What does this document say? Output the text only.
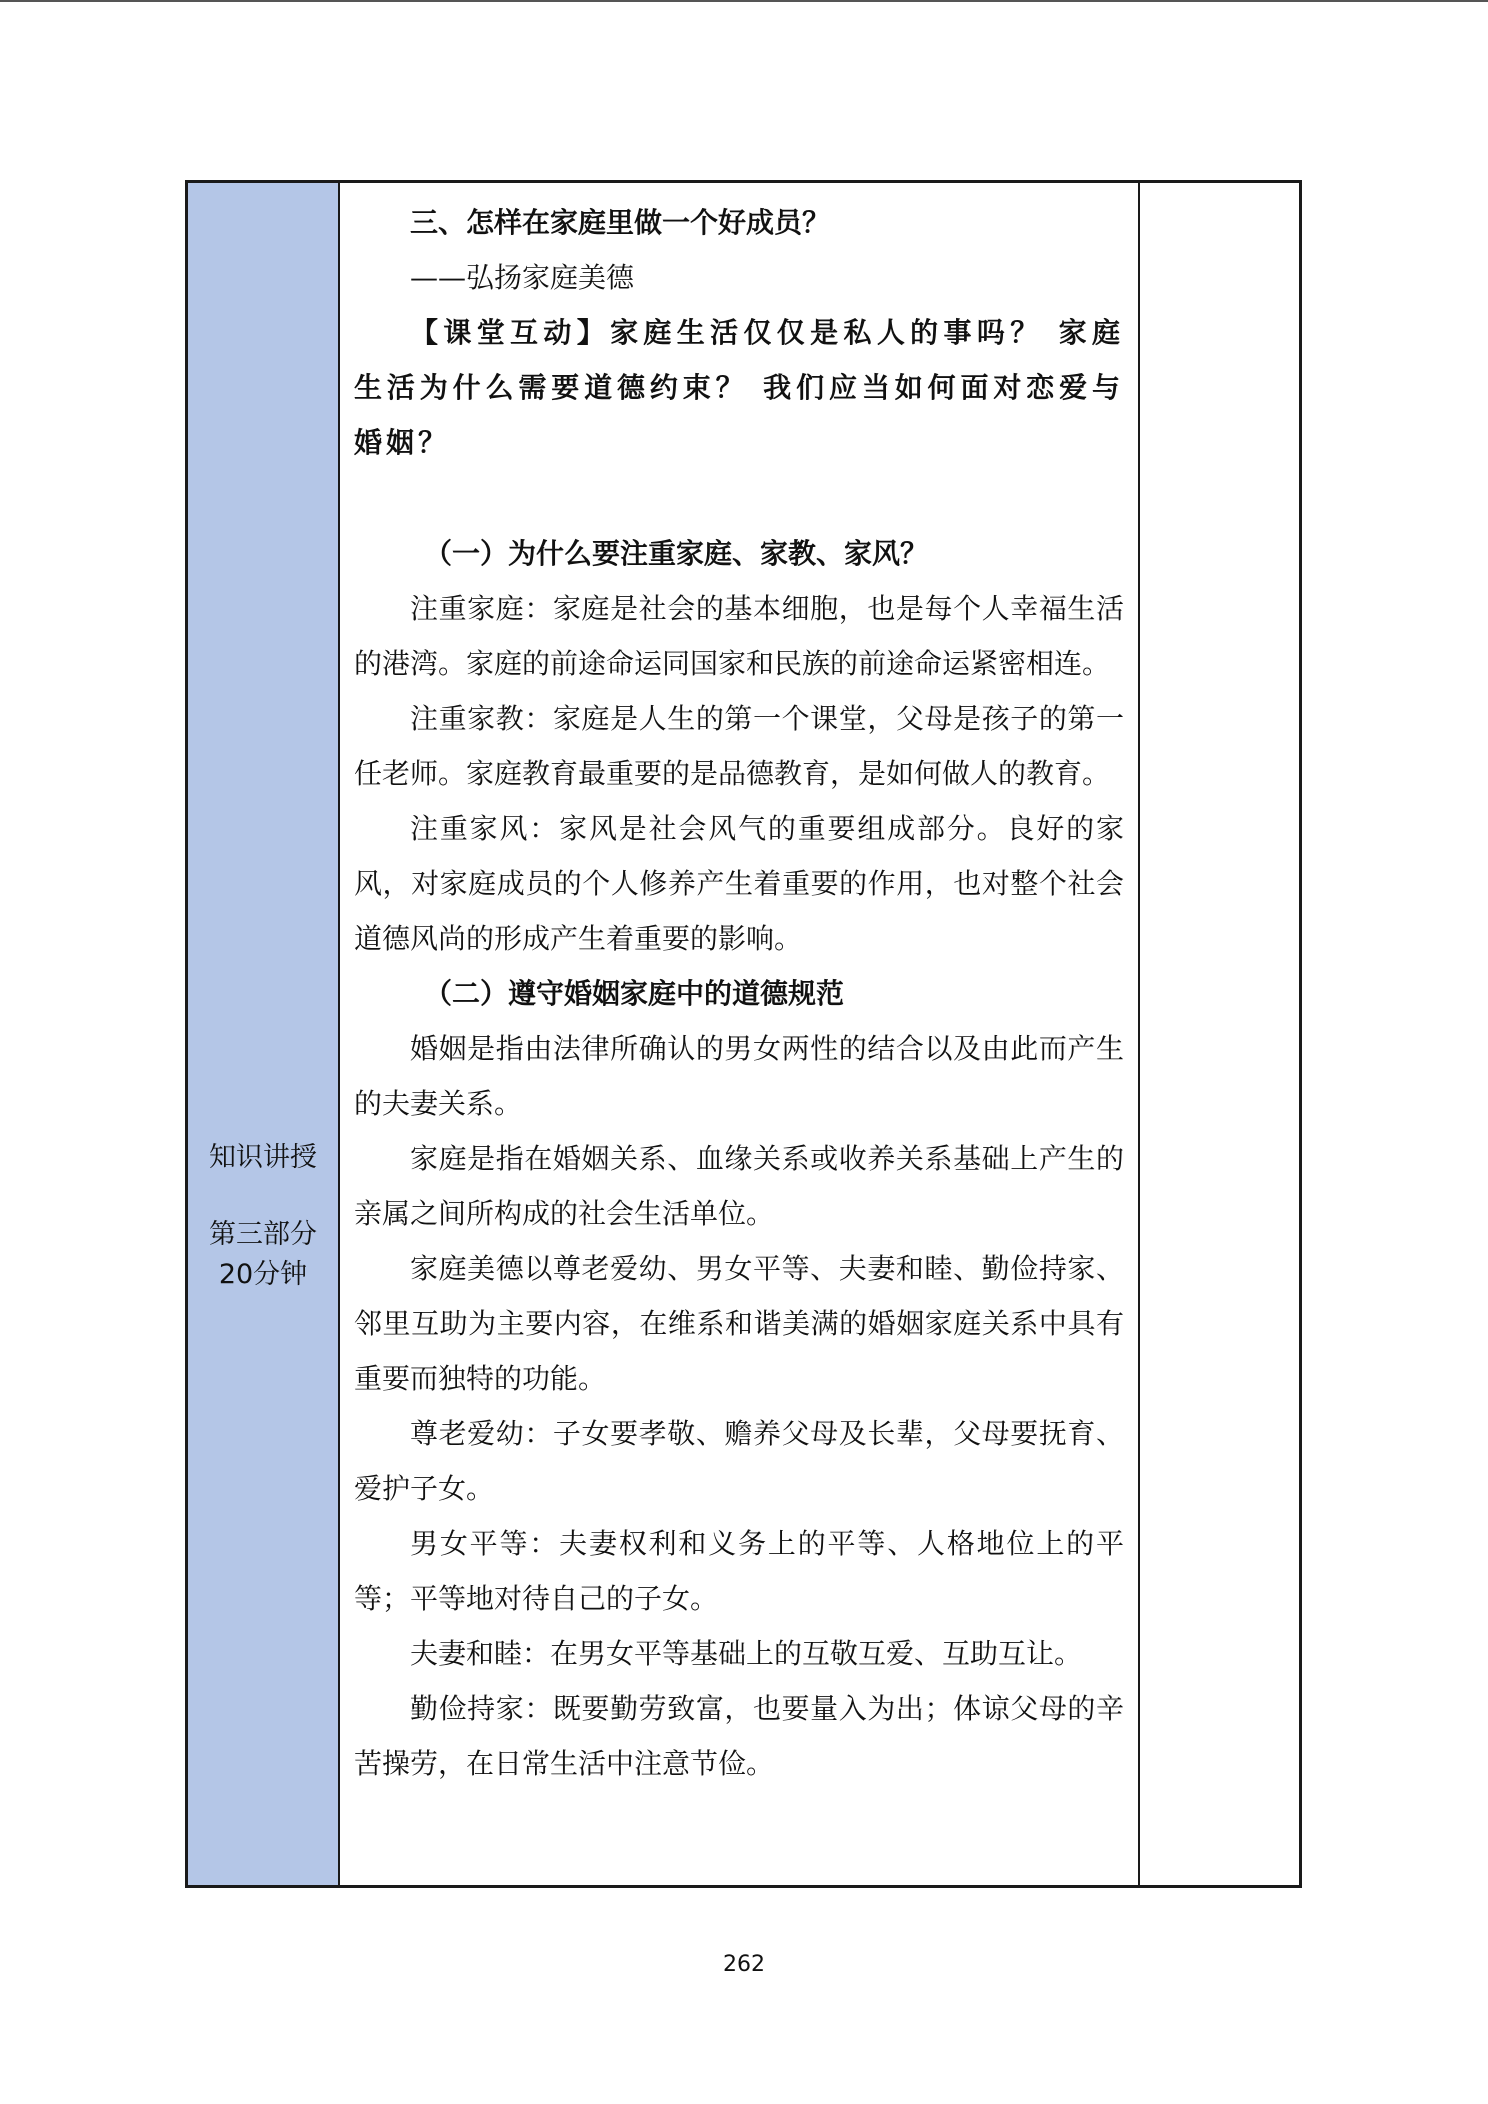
知识讲授
第三部分
20分钟

三、怎样在家庭里做一个好成员？

——弘扬家庭美德

【课堂互动】家庭生活仅仅是私人的事吗？ 家庭生活为什么需要道德约束？ 我们应当如何面对恋爱与婚姻？

（一）为什么要注重家庭、家教、家风？

注重家庭：家庭是社会的基本细胞，也是每个人幸福生活的港湾。家庭的前途命运同国家和民族的前途命运紧密相连。

注重家教：家庭是人生的第一个课堂，父母是孩子的第一任老师。家庭教育最重要的是品德教育，是如何做人的教育。

注重家风：家风是社会风气的重要组成部分。良好的家风，对家庭成员的个人修养产生着重要的作用，也对整个社会道德风尚的形成产生着重要的影响。

（二）遵守婚姻家庭中的道德规范

婚姻是指由法律所确认的男女两性的结合以及由此而产生的夫妻关系。

家庭是指在婚姻关系、血缘关系或收养关系基础上产生的亲属之间所构成的社会生活单位。

家庭美德以尊老爱幼、男女平等、夫妻和睦、勤俭持家、邻里互助为主要内容，在维系和谐美满的婚姻家庭关系中具有重要而独特的功能。

尊老爱幼：子女要孝敬、赡养父母及长辈，父母要抚育、爱护子女。

男女平等：夫妻权利和义务上的平等、人格地位上的平等；平等地对待自己的子女。

夫妻和睦：在男女平等基础上的互敬互爱、互助互让。

勤俭持家：既要勤劳致富，也要量入为出；体谅父母的辛苦操劳，在日常生活中注意节俭。

262
